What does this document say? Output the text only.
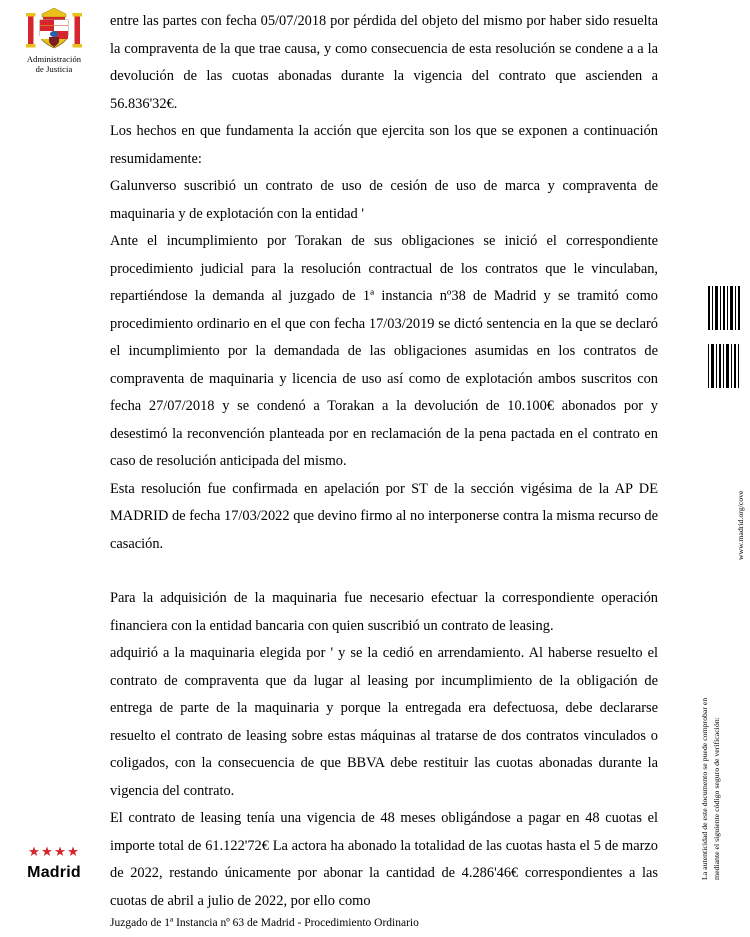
Administración
de Justicia
Madrid

entre las partes con fecha 05/07/2018 por pérdida del objeto del mismo por haber sido resuelta la compraventa de la que trae causa, y como consecuencia de esta resolución se condene a a la devolución de las cuotas abonadas durante la vigencia del contrato que ascienden a 56.836'32€.

Los hechos en que fundamenta la acción que ejercita son los que se exponen a continuación resumidamente:

Galunverso suscribió un contrato de uso de cesión de uso de marca y compraventa de maquinaria y de explotación con la entidad '

Ante el incumplimiento por Torakan de sus obligaciones se inició el correspondiente procedimiento judicial para la resolución contractual de los contratos que le vinculaban, repartiéndose la demanda al juzgado de 1ª instancia nº38 de Madrid y se tramitó como procedimiento ordinario en el que con fecha 17/03/2019 se dictó sentencia en la que se declaró el incumplimiento por la demandada de las obligaciones asumidas en los contratos de compraventa de maquinaria y licencia de uso así como de explotación ambos suscritos con fecha 27/07/2018 y se condenó a Torakan a la devolución de 10.100€ abonados por y desestimó la reconvención planteada por en reclamación de la pena pactada en el contrato en caso de resolución anticipada del mismo.

Esta resolución fue confirmada en apelación por ST de la sección vigésima de la AP DE MADRID de fecha 17/03/2022 que devino firmo al no interponerse contra la misma recurso de casación.

Para la adquisición de la maquinaria fue necesario efectuar la correspondiente operación financiera con la entidad bancaria con quien suscribió un contrato de leasing.

adquirió a la maquinaria elegida por ' y se la cedió en arrendamiento. Al haberse resuelto el contrato de compraventa que da lugar al leasing por incumplimiento de la obligación de entrega de parte de la maquinaria y porque la entregada era defectuosa, debe declararse resuelto el contrato de leasing sobre estas máquinas al tratarse de dos contratos vinculados o coligados, con la consecuencia de que BBVA debe restituir las cuotas abonadas durante la vigencia del contrato.

El contrato de leasing tenía una vigencia de 48 meses obligándose a pagar en 48 cuotas el importe total de 61.122'72€ La actora ha abonado la totalidad de las cuotas hasta el 5 de marzo de 2022, restando únicamente por abonar la cantidad de 4.286'46€ correspondientes a las cuotas de abril a julio de 2022, por ello como

Juzgado de 1ª Instancia nº 63 de Madrid - Procedimiento Ordinario
La autenticidad de este documento se puede comprobar en mediante el siguiente código seguro de verificación:
www.madrid.org/cove
